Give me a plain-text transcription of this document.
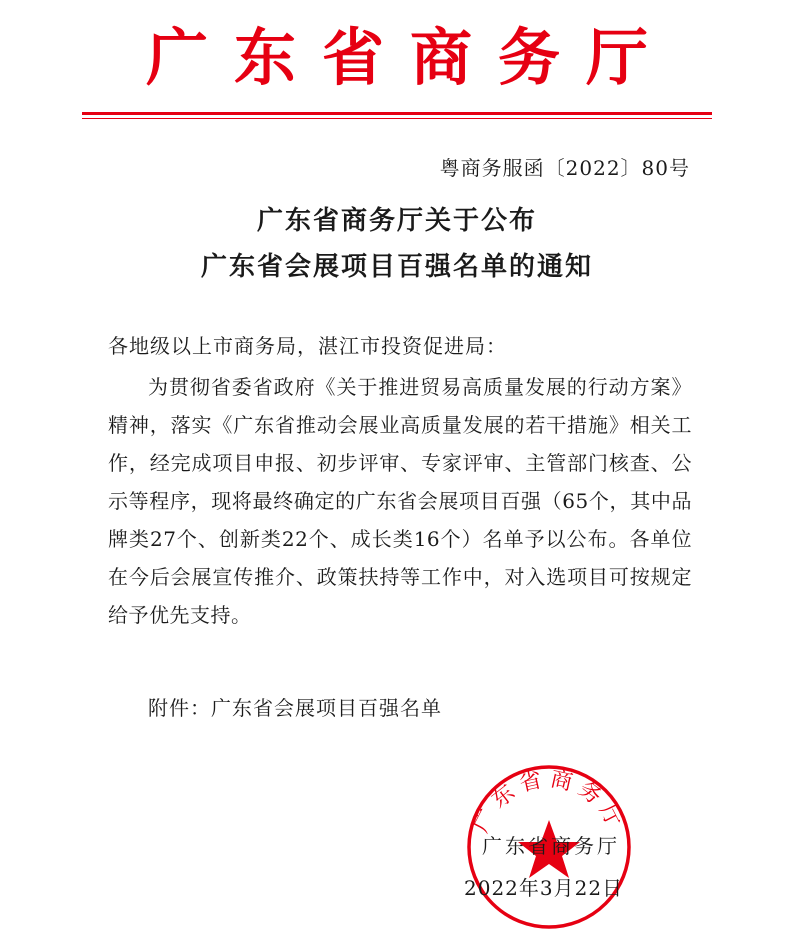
广东省商务厅
粤商务服函〔2022〕80号
广东省商务厅关于公布
广东省会展项目百强名单的通知
各地级以上市商务局，湛江市投资促进局：
为贯彻省委省政府《关于推进贸易高质量发展的行动方案》精神，落实《广东省推动会展业高质量发展的若干措施》相关工作，经完成项目申报、初步评审、专家评审、主管部门核查、公示等程序，现将最终确定的广东省会展项目百强（65个，其中品牌类27个、创新类22个、成长类16个）名单予以公布。各单位在今后会展宣传推介、政策扶持等工作中，对入选项目可按规定给予优先支持。
附件：广东省会展项目百强名单
广东省商务厅
广东省商务厅
2022年3月22日
